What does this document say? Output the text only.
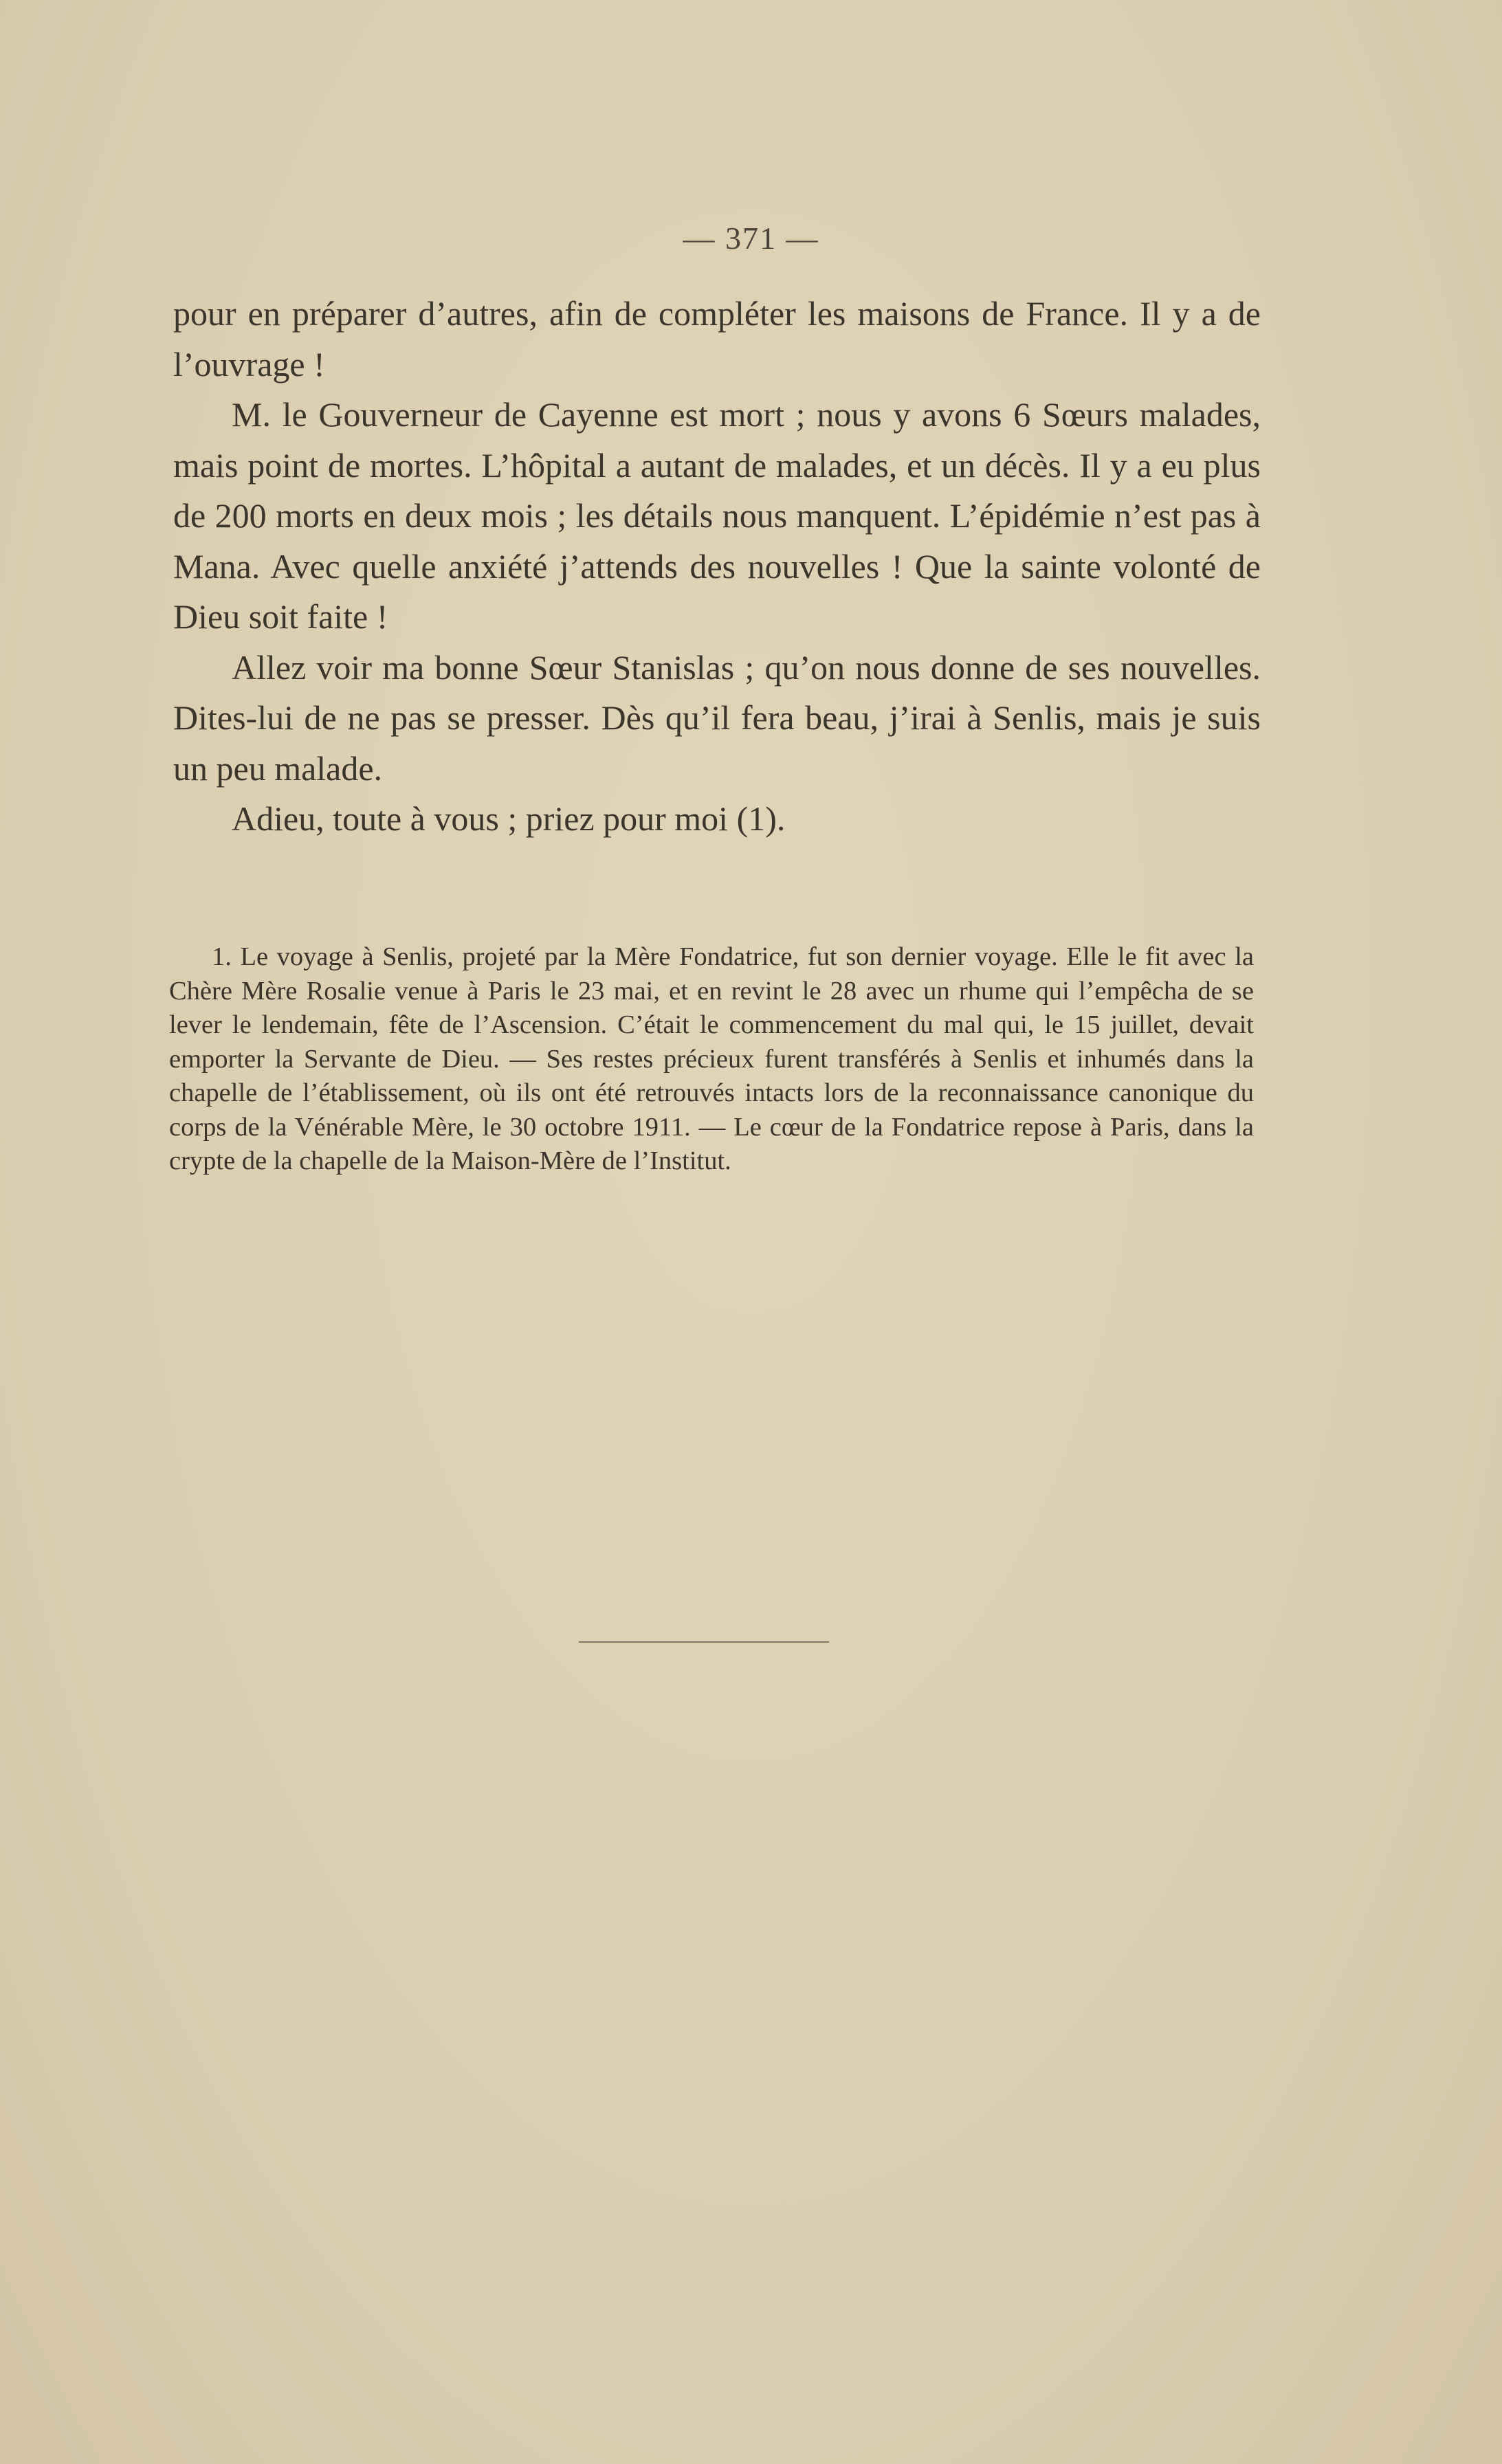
— 371 —

pour en préparer d’autres, afin de compléter les maisons de France. Il y a de l’ouvrage !

M. le Gouverneur de Cayenne est mort ; nous y avons 6 Sœurs malades, mais point de mortes. L’hôpital a autant de malades, et un décès. Il y a eu plus de 200 morts en deux mois ; les détails nous manquent. L’épidémie n’est pas à Mana. Avec quelle anxiété j’attends des nouvelles ! Que la sainte volonté de Dieu soit faite !

Allez voir ma bonne Sœur Stanislas ; qu’on nous donne de ses nouvelles. Dites-lui de ne pas se presser. Dès qu’il fera beau, j’irai à Senlis, mais je suis un peu malade.

Adieu, toute à vous ; priez pour moi (1).

1. Le voyage à Senlis, projeté par la Mère Fondatrice, fut son dernier voyage. Elle le fit avec la Chère Mère Rosalie venue à Paris le 23 mai, et en revint le 28 avec un rhume qui l’empêcha de se lever le lendemain, fête de l’Ascension. C’était le commencement du mal qui, le 15 juillet, devait emporter la Servante de Dieu. — Ses restes précieux furent transférés à Senlis et inhumés dans la chapelle de l’établissement, où ils ont été retrouvés intacts lors de la reconnaissance canonique du corps de la Vénérable Mère, le 30 octobre 1911. — Le cœur de la Fondatrice repose à Paris, dans la crypte de la chapelle de la Maison-Mère de l’Institut.
